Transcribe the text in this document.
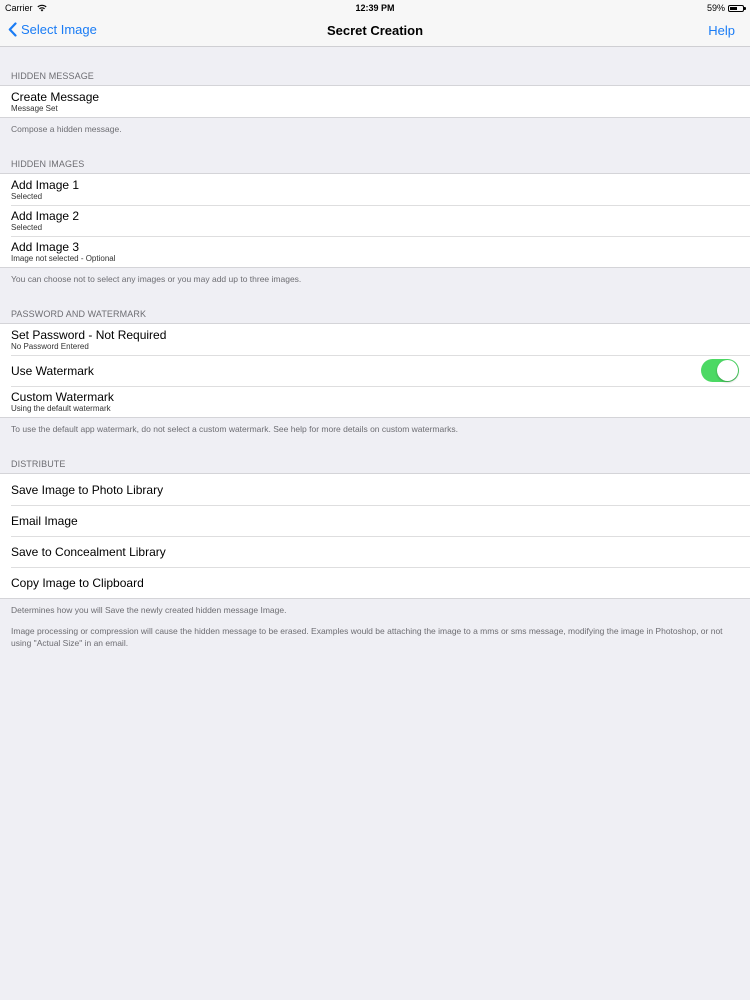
Carrier	12:39 PM	59%
Select Image	Secret Creation	Help
HIDDEN MESSAGE
Create Message
Message Set

Compose a hidden message.

HIDDEN IMAGES
Add Image 1
Selected
Add Image 2
Selected
Add Image 3
Image not selected - Optional

You can choose not to select any images or you may add up to three images.

PASSWORD AND WATERMARK
Set Password - Not Required
No Password Entered
Use Watermark
Custom Watermark
Using the default watermark

To use the default app watermark, do not select a custom watermark. See help for more details on custom watermarks.

DISTRIBUTE
Save Image to Photo Library
Email Image
Save to Concealment Library
Copy Image to Clipboard

Determines how you will Save the newly created hidden message Image.

Image processing or compression will cause the hidden message to be erased. Examples would be attaching the image to a mms or sms message, modifying the image in Photoshop, or not using "Actual Size" in an email.
